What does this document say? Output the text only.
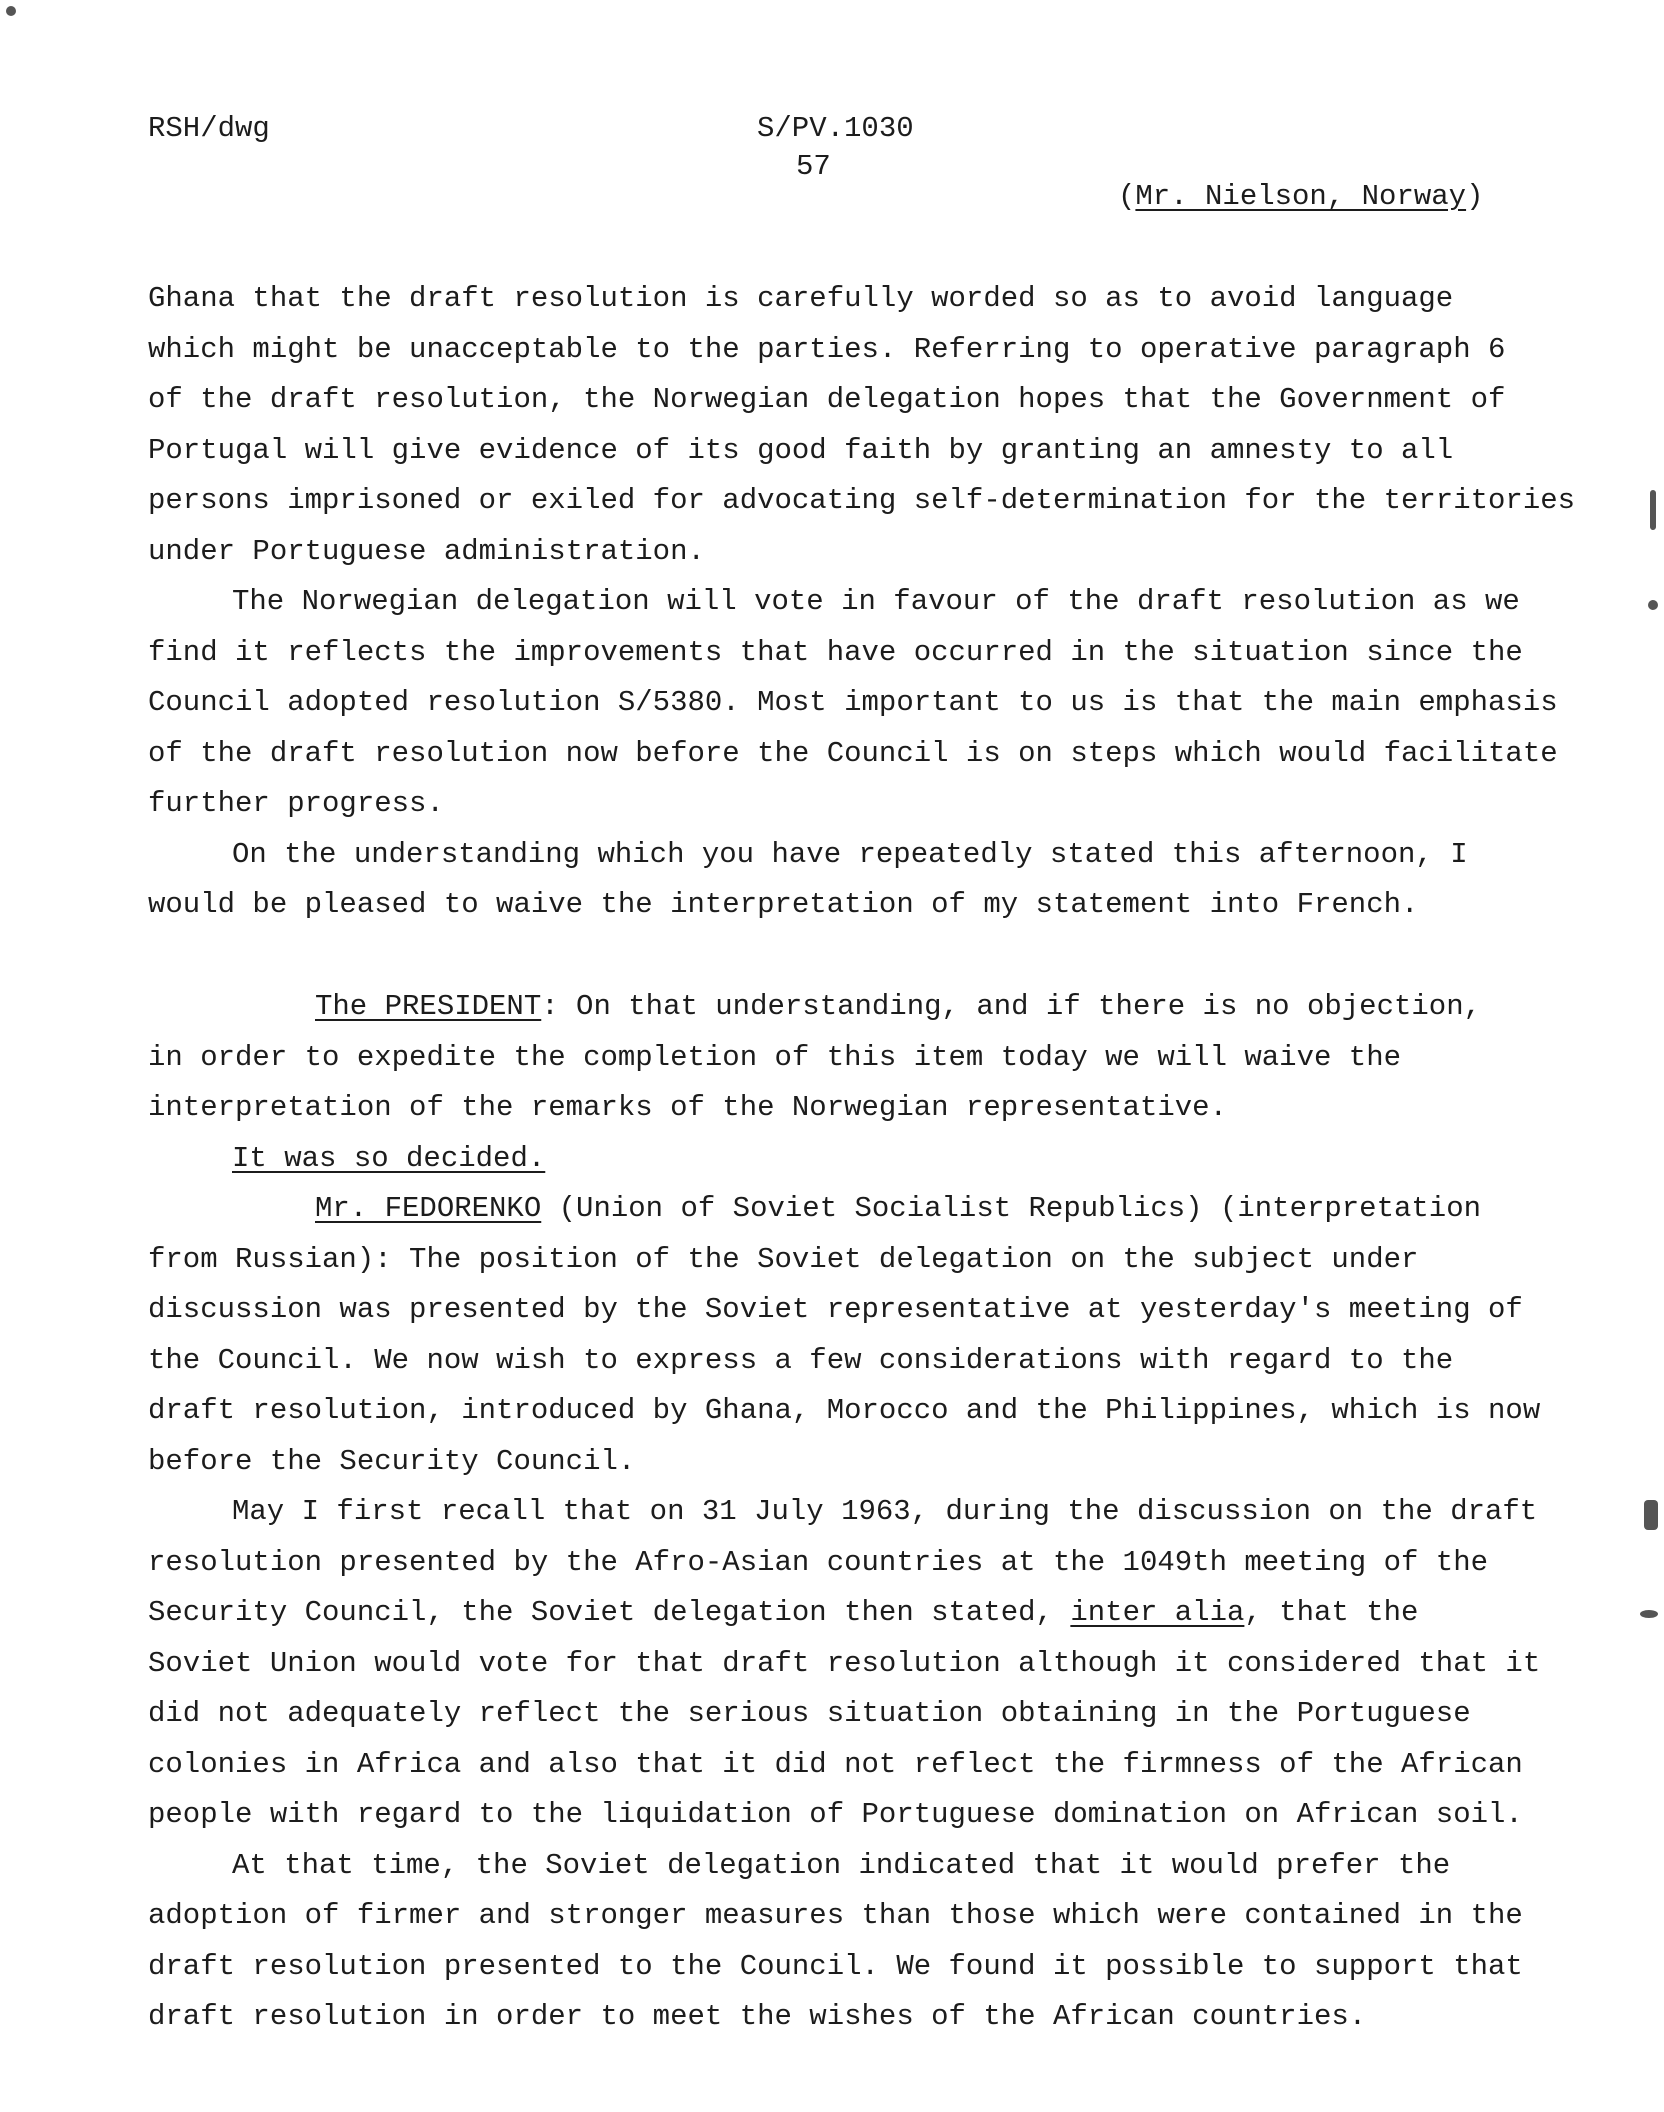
RSH/dwg	S/PV.1030
57
(Mr. Nielson, Norway)
Ghana that the draft resolution is carefully worded so as to avoid language
which might be unacceptable to the parties. Referring to operative paragraph 6
of the draft resolution, the Norwegian delegation hopes that the Government of
Portugal will give evidence of its good faith by granting an amnesty to all
persons imprisoned or exiled for advocating self-determination for the territories
under Portuguese administration.
The Norwegian delegation will vote in favour of the draft resolution as we
find it reflects the improvements that have occurred in the situation since the
Council adopted resolution S/5380. Most important to us is that the main emphasis
of the draft resolution now before the Council is on steps which would facilitate
further progress.
On the understanding which you have repeatedly stated this afternoon, I
would be pleased to waive the interpretation of my statement into French.
The PRESIDENT: On that understanding, and if there is no objection,
in order to expedite the completion of this item today we will waive the
interpretation of the remarks of the Norwegian representative.
It was so decided.
Mr. FEDORENKO (Union of Soviet Socialist Republics) (interpretation
from Russian): The position of the Soviet delegation on the subject under
discussion was presented by the Soviet representative at yesterday's meeting of
the Council. We now wish to express a few considerations with regard to the
draft resolution, introduced by Ghana, Morocco and the Philippines, which is now
before the Security Council.
May I first recall that on 31 July 1963, during the discussion on the draft
resolution presented by the Afro-Asian countries at the 1049th meeting of the
Security Council, the Soviet delegation then stated, inter alia, that the
Soviet Union would vote for that draft resolution although it considered that it
did not adequately reflect the serious situation obtaining in the Portuguese
colonies in Africa and also that it did not reflect the firmness of the African
people with regard to the liquidation of Portuguese domination on African soil.
At that time, the Soviet delegation indicated that it would prefer the
adoption of firmer and stronger measures than those which were contained in the
draft resolution presented to the Council. We found it possible to support that
draft resolution in order to meet the wishes of the African countries.
